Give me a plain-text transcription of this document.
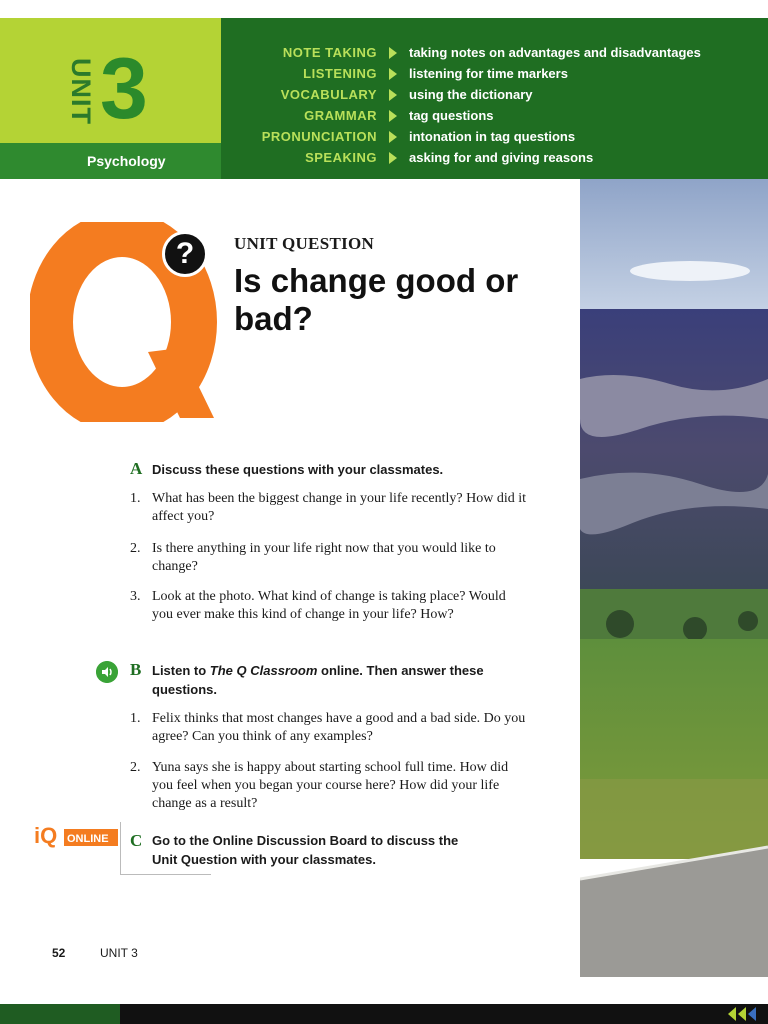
UNIT 3
Psychology
NOTE TAKING taking notes on advantages and disadvantages
LISTENING listening for time markers
VOCABULARY using the dictionary
GRAMMAR tag questions
PRONUNCIATION intonation in tag questions
SPEAKING asking for and giving reasons
?	UNIT QUESTION
Is change good or bad?
A Discuss these questions with your classmates.
1. What has been the biggest change in your life recently? How did it affect you?
2. Is there anything in your life right now that you would like to change?
3. Look at the photo. What kind of change is taking place? Would you ever make this kind of change in your life? How?
B Listen to The Q Classroom online. Then answer these questions.
1. Felix thinks that most changes have a good and a bad side. Do you agree? Can you think of any examples?
2. Yuna says she is happy about starting school full time. How did you feel when you began your course here? How did your life change as a result?
iQ ONLINE C Go to the Online Discussion Board to discuss the Unit Question with your classmates.
52	UNIT 3
